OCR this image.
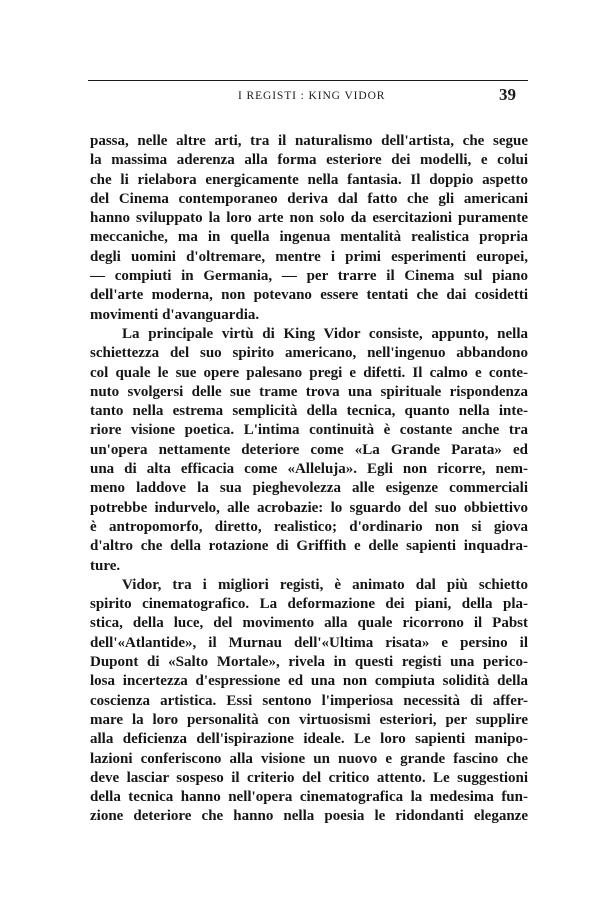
I REGISTI : KING VIDOR	39
passa, nelle altre arti, tra il naturalismo dell'artista, che segue
la massima aderenza alla forma esteriore dei modelli, e colui
che li rielabora energicamente nella fantasia. Il doppio aspetto
del Cinema contemporaneo deriva dal fatto che gli americani
hanno sviluppato la loro arte non solo da esercitazioni puramente
meccaniche, ma in quella ingenua mentalità realistica propria
degli uomini d'oltremare, mentre i primi esperimenti europei,
— compiuti in Germania, — per trarre il Cinema sul piano
dell'arte moderna, non potevano essere tentati che dai cosidetti
movimenti d'avanguardia.
La principale virtù di King Vidor consiste, appunto, nella
schiettezza del suo spirito americano, nell'ingenuo abbandono
col quale le sue opere palesano pregi e difetti. Il calmo e conte-
nuto svolgersi delle sue trame trova una spirituale rispondenza
tanto nella estrema semplicità della tecnica, quanto nella inte-
riore visione poetica. L'intima continuità è costante anche tra
un'opera nettamente deteriore come «La Grande Parata» ed
una di alta efficacia come «Alleluja». Egli non ricorre, nem-
meno laddove la sua pieghevolezza alle esigenze commerciali
potrebbe indurvelo, alle acrobazie: lo sguardo del suo obbiettivo
è antropomorfo, diretto, realistico; d'ordinario non si giova
d'altro che della rotazione di Griffith e delle sapienti inquadra-
ture.
Vidor, tra i migliori registi, è animato dal più schietto
spirito cinematografico. La deformazione dei piani, della pla-
stica, della luce, del movimento alla quale ricorrono il Pabst
dell'«Atlantide», il Murnau dell'«Ultima risata» e persino il
Dupont di «Salto Mortale», rivela in questi registi una perico-
losa incertezza d'espressione ed una non compiuta solidità della
coscienza artistica. Essi sentono l'imperiosa necessità di affer-
mare la loro personalità con virtuosismi esteriori, per supplire
alla deficienza dell'ispirazione ideale. Le loro sapienti manipo-
lazioni conferiscono alla visione un nuovo e grande fascino che
deve lasciar sospeso il criterio del critico attento. Le suggestioni
della tecnica hanno nell'opera cinematografica la medesima fun-
zione deteriore che hanno nella poesia le ridondanti eleganze
